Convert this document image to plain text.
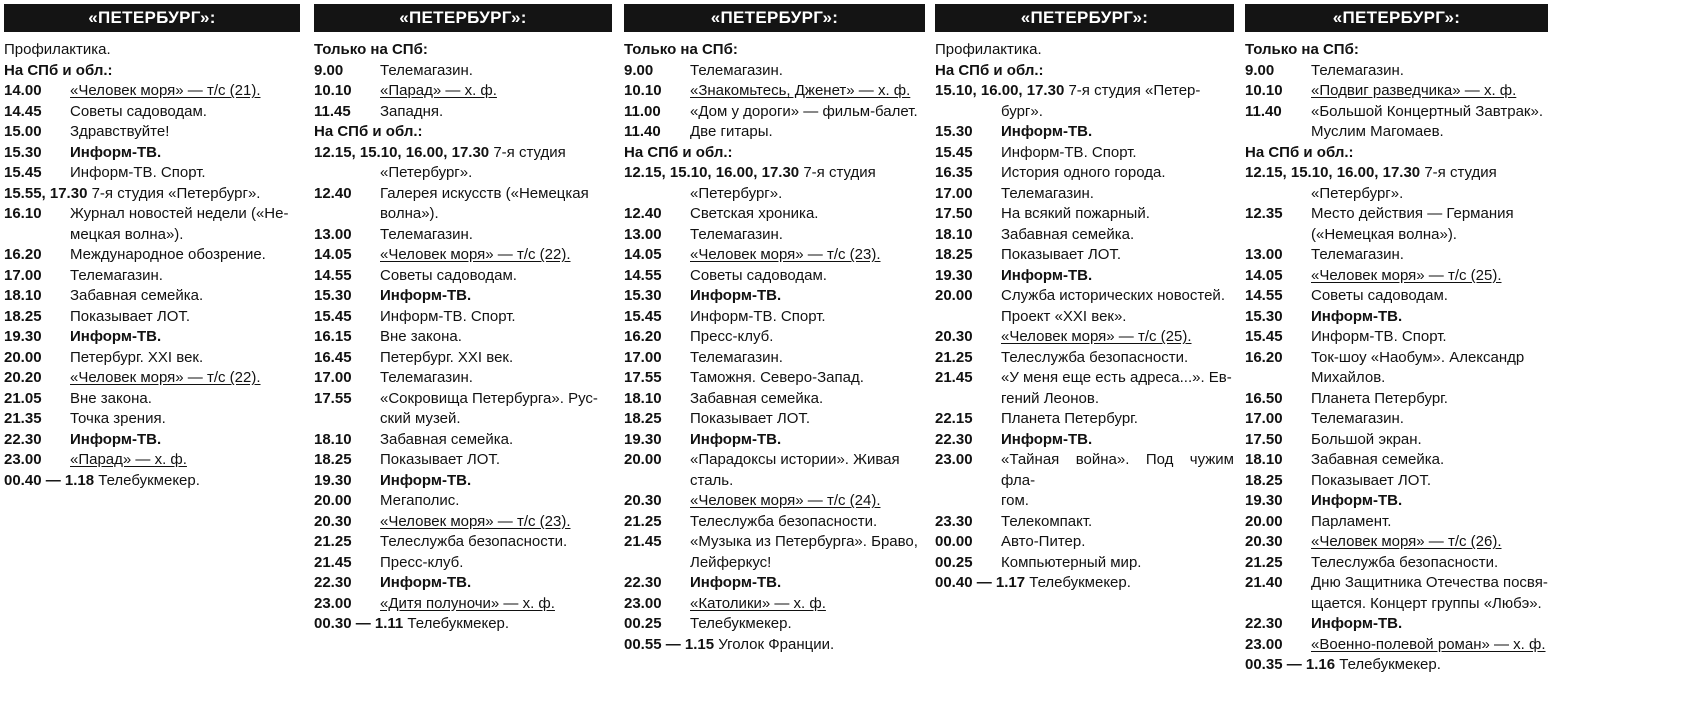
«ПЕТЕРБУРГ»:
Профилактика.
На СПб и обл.:
14.00	«Человек моря» — т/с (21).
14.45	Советы садоводам.
15.00	Здравствуйте!
15.30	Информ-ТВ.
15.45	Информ-ТВ. Спорт.
15.55, 17.30 7-я студия «Петербург».
16.10	Журнал новостей недели («Не-
мецкая волна»).
16.20	Международное обозрение.
17.00	Телемагазин.
18.10	Забавная семейка.
18.25	Показывает ЛОТ.
19.30	Информ-ТВ.
20.00	Петербург. XXI век.
20.20	«Человек моря» — т/с (22).
21.05	Вне закона.
21.35	Точка зрения.
22.30	Информ-ТВ.
23.00	«Парад» — х. ф.
00.40 — 1.18 Телебукмекер.
«ПЕТЕРБУРГ»:
Только на СПб:
9.00	Телемагазин.
10.10	«Парад» — х. ф.
11.45	Западня.
На СПб и обл.:
12.15, 15.10, 16.00, 17.30 7-я студия
«Петербург».
12.40	Галерея искусств («Немецкая
волна»).
13.00	Телемагазин.
14.05	«Человек моря» — т/с (22).
14.55	Советы садоводам.
15.30	Информ-ТВ.
15.45	Информ-ТВ. Спорт.
16.15	Вне закона.
16.45	Петербург. XXI век.
17.00	Телемагазин.
17.55	«Сокровища Петербурга». Рус-
ский музей.
18.10	Забавная семейка.
18.25	Показывает ЛОТ.
19.30	Информ-ТВ.
20.00	Мегаполис.
20.30	«Человек моря» — т/с (23).
21.25	Телеслужба безопасности.
21.45	Пресс-клуб.
22.30	Информ-ТВ.
23.00	«Дитя полуночи» — х. ф.
00.30 — 1.11 Телебукмекер.
«ПЕТЕРБУРГ»:
Только на СПб:
9.00	Телемагазин.
10.10	«Знакомьтесь, Дженет» — х. ф.
11.00	«Дом у дороги» — фильм-балет.
11.40	Две гитары.
На СПб и обл.:
12.15, 15.10, 16.00, 17.30 7-я студия
«Петербург».
12.40	Светская хроника.
13.00	Телемагазин.
14.05	«Человек моря» — т/с (23).
14.55	Советы садоводам.
15.30	Информ-ТВ.
15.45	Информ-ТВ. Спорт.
16.20	Пресс-клуб.
17.00	Телемагазин.
17.55	Таможня. Северо-Запад.
18.10	Забавная семейка.
18.25	Показывает ЛОТ.
19.30	Информ-ТВ.
20.00	«Парадоксы истории». Живая
сталь.
20.30	«Человек моря» — т/с (24).
21.25	Телеслужба безопасности.
21.45	«Музыка из Петербурга». Браво,
Лейферкус!
22.30	Информ-ТВ.
23.00	«Католики» — х. ф.
00.25	Телебукмекер.
00.55 — 1.15 Уголок Франции.
«ПЕТЕРБУРГ»:
Профилактика.
На СПб и обл.:
15.10, 16.00, 17.30 7-я студия «Петер-
бург».
15.30	Информ-ТВ.
15.45	Информ-ТВ. Спорт.
16.35	История одного города.
17.00	Телемагазин.
17.50	На всякий пожарный.
18.10	Забавная семейка.
18.25	Показывает ЛОТ.
19.30	Информ-ТВ.
20.00	Служба исторических новостей.
Проект «XXI век».
20.30	«Человек моря» — т/с (25).
21.25	Телеслужба безопасности.
21.45	«У меня еще есть адреса...». Ев-
гений Леонов.
22.15	Планета Петербург.
22.30	Информ-ТВ.
23.00	«Тайная война». Под чужим фла-
гом.
23.30	Телекомпакт.
00.00	Авто-Питер.
00.25	Компьютерный мир.
00.40 — 1.17 Телебукмекер.
«ПЕТЕРБУРГ»:
Только на СПб:
9.00	Телемагазин.
10.10	«Подвиг разведчика» — х. ф.
11.40	«Большой Концертный Завтрак».
Муслим Магомаев.
На СПб и обл.:
12.15, 15.10, 16.00, 17.30 7-я студия
«Петербург».
12.35	Место действия — Германия
(«Немецкая волна»).
13.00	Телемагазин.
14.05	«Человек моря» — т/с (25).
14.55	Советы садоводам.
15.30	Информ-ТВ.
15.45	Информ-ТВ. Спорт.
16.20	Ток-шоу «Наобум». Александр
Михайлов.
16.50	Планета Петербург.
17.00	Телемагазин.
17.50	Большой экран.
18.10	Забавная семейка.
18.25	Показывает ЛОТ.
19.30	Информ-ТВ.
20.00	Парламент.
20.30	«Человек моря» — т/с (26).
21.25	Телеслужба безопасности.
21.40	Дню Защитника Отечества посвя-
щается. Концерт группы «Любэ».
22.30	Информ-ТВ.
23.00	«Военно-полевой роман» — х. ф.
00.35 — 1.16 Телебукмекер.
